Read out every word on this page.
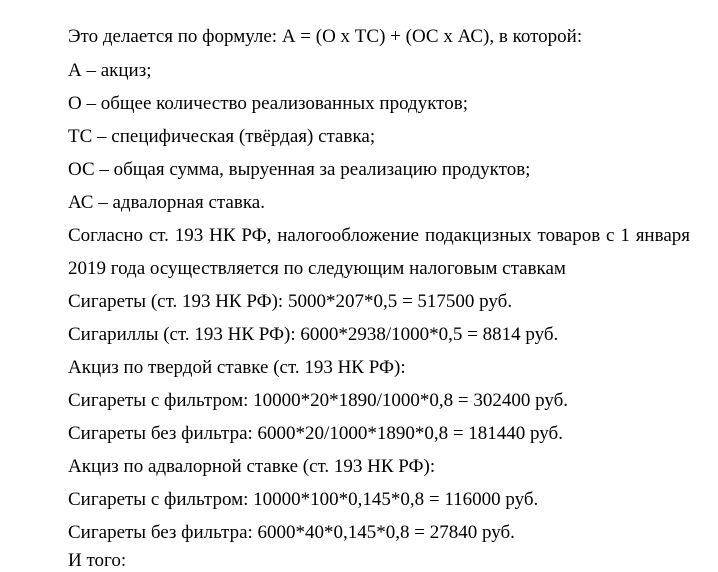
Это делается по формуле: А = (О х ТС) + (ОС х АС), в которой:
А – акциз;
О – общее количество реализованных продуктов;
ТС – специфическая (твёрдая) ставка;
ОС – общая сумма, выруенная за реализацию продуктов;
АС – адвалорная ставка.
Согласно ст. 193 НК РФ, налогообложение подакцизных товаров с 1 января
2019 года осуществляется по следующим налоговым ставкам
Сигареты (ст. 193 НК РФ): 5000*207*0,5 = 517500 руб.
Сигариллы (ст. 193 НК РФ): 6000*2938/1000*0,5 = 8814 руб.
Акциз по твердой ставке (ст. 193 НК РФ):
Сигареты с фильтром: 10000*20*1890/1000*0,8 = 302400 руб.
Сигареты без фильтра: 6000*20/1000*1890*0,8 = 181440 руб.
Акциз по адвалорной ставке (ст. 193 НК РФ):
Сигареты с фильтром: 10000*100*0,145*0,8 = 116000 руб.
Сигареты без фильтра: 6000*40*0,145*0,8 = 27840 руб.
И того:
